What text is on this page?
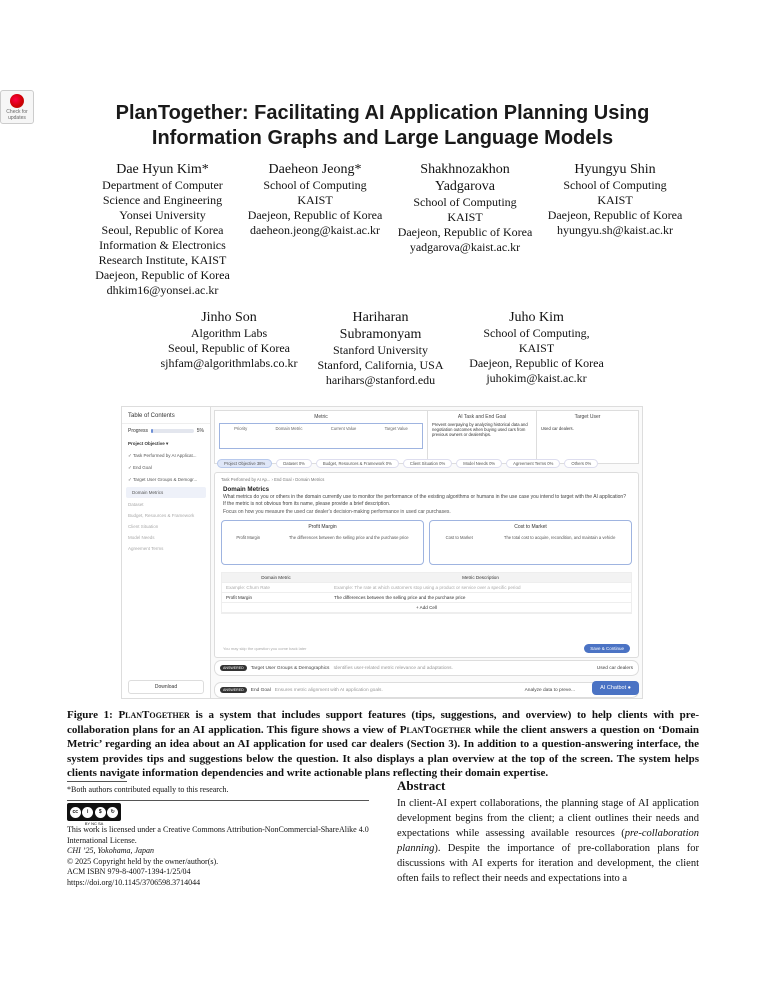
Check for updates	PlanTogether: Facilitating AI Application Planning Using Information Graphs and Large Language Models
Dae Hyun Kim*
Department of Computer
Science and Engineering
Yonsei University
Seoul, Republic of Korea
Information & Electronics
Research Institute, KAIST
Daejeon, Republic of Korea
dhkim16@yonsei.ac.kr
Daeheon Jeong*
School of Computing
KAIST
Daejeon, Republic of Korea
daeheon.jeong@kaist.ac.kr
Shakhnozakhon Yadgarova
School of Computing
KAIST
Daejeon, Republic of Korea
yadgarova@kaist.ac.kr
Hyungyu Shin
School of Computing
KAIST
Daejeon, Republic of Korea
hyungyu.sh@kaist.ac.kr
Jinho Son
Algorithm Labs
Seoul, Republic of Korea
sjhfam@algorithmlabs.co.kr
Hariharan Subramonyam
Stanford University
Stanford, California, USA
harihars@stanford.edu
Juho Kim
School of Computing,
KAIST
Daejeon, Republic of Korea
juhokim@kaist.ac.kr
Table of Contents
Progress	5%
Project Objective ▾
✓ Task Performed by AI Applicat...
✓ End Goal
✓ Target User Groups & Demogr...
Domain Metrics
Dataset
Budget, Resources & Framework
Client Situation
Model Needs
Agreement Terms
Download
Metric
Priority	Domain Metric	Current Value	Target Value
AI Task and End Goal
Prevent overpaying by analyzing historical data and negotiation outcomes when buying used cars from previous owners or dealerships.
Target User
Used car dealers.
Project Objective 38%	Dataset 0%	Budget, Resources & Framework 0%	Client Situation 0%	Model Needs 0%	Agreement Terms 0%	Others 0%
Task Performed by AI Ap... › End Goal › Domain Metrics
Domain Metrics
What metrics do you or others in the domain currently use to monitor the performance of the existing algorithms or humans in the use case you intend to target with the AI application? If the metric is not obvious from its name, please provide a brief description.
Focus on how you measure the used car dealer's decision-making performance in used car purchases.
Profit Margin
Profit Margin	The differences between the selling price and the purchase price
Cost to Market
Cost to Market	The total cost to acquire, recondition, and maintain a vehicle
Domain Metric	Metric Description
Example: Churn Rate	Example: The rate at which customers stop using a product or service over a specific period
Profit Margin	The differences between the selling price and the purchase price
+ Add Cell
You may skip the question you come back later	Save & Continue
ANSWERED	Target User Groups & Demographics Identifies user-related metric relevance and adaptations.	Used car dealers
ANSWERED	End Goal Ensures metric alignment with AI application goals.	Analyze data to preve...	AI Chatbot ●
Figure 1: PlanTogether is a system that includes support features (tips, suggestions, and overview) to help clients with pre-collaboration plans for an AI application. This figure shows a view of PlanTogether while the client answers a question on ‘Domain Metric’ regarding an idea about an AI application for used car dealers (Section 3). In addition to a question-answering interface, the system provides tips and suggestions below the question. It also displays a plan overview at the top of the screen. The system helps clients navigate information dependencies and write actionable plans reflecting their domain expertise.
*Both authors contributed equally to this research.
cc	i	$	↻
BY NC SA
This work is licensed under a Creative Commons Attribution-NonCommercial-ShareAlike 4.0 International License.
CHI ’25, Yokohama, Japan
© 2025 Copyright held by the owner/author(s).
ACM ISBN 979-8-4007-1394-1/25/04
https://doi.org/10.1145/3706598.3714044
Abstract
In client-AI expert collaborations, the planning stage of AI application development begins from the client; a client outlines their needs and expectations while assessing available resources (pre-collaboration planning). Despite the importance of pre-collaboration plans for discussions with AI experts for iteration and development, the client often fails to reflect their needs and expectations into a
